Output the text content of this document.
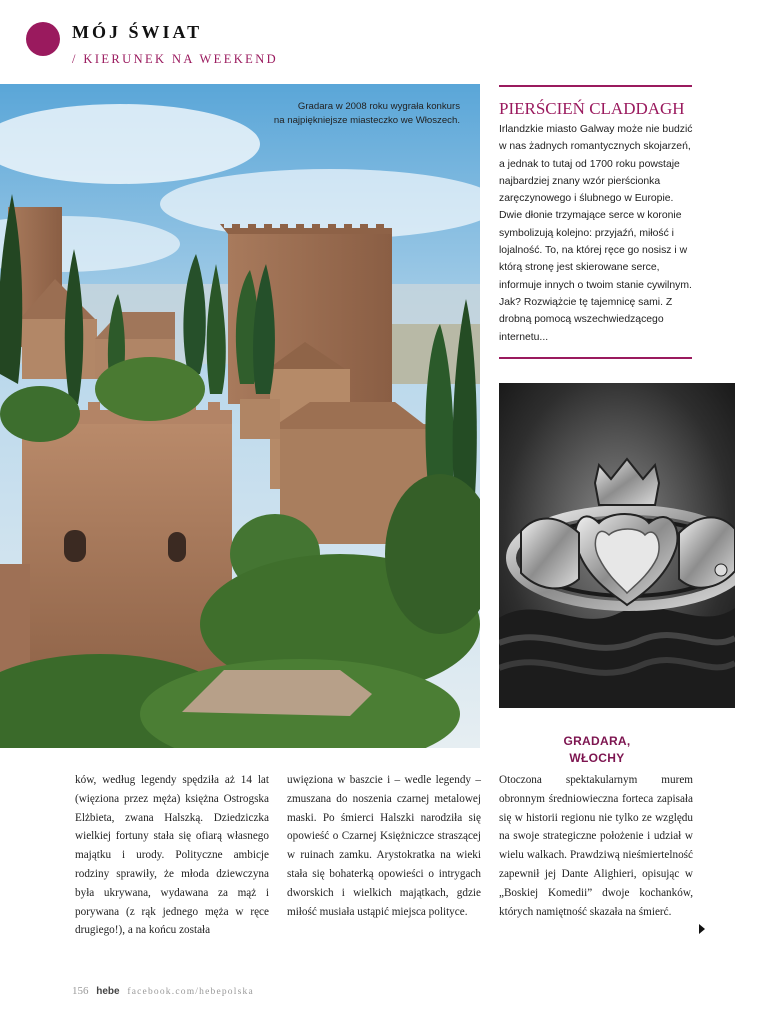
MÓJ ŚWIAT
/ KIERUNEK NA WEEKEND
Gradara w 2008 roku wygrała konkurs
na najpiękniejsze miasteczko we Włoszech.
PIERŚCIEŃ CLADDAGH

Irlandzkie miasto Galway może nie budzić w nas żadnych romantycznych skojarzeń, a jednak to tutaj od 1700 roku powstaje najbardziej znany wzór pierścionka zaręczynowego i ślubnego w Europie. Dwie dłonie trzymające serce w koronie symbolizują kolejno: przyjaźń, miłość i lojalność. To, na której ręce go nosisz i w którą stronę jest skierowane serce, informuje innych o twoim stanie cywilnym. Jak? Rozwiążcie tę tajemnicę sami. Z drobną pomocą wszechwiedzącego internetu...

GRADARA,
WŁOCHY

ków, według legendy spędziła aż 14 lat (więziona przez męża) księżna Ostrogska Elżbieta, zwana Halszką. Dziedziczka wielkiej fortuny stała się ofiarą własnego majątku i urody. Polityczne ambicje rodziny sprawiły, że młoda dziewczyna była ukrywana, wydawana za mąż i porywana (z rąk jednego męża w ręce drugiego!), a na końcu została

uwięziona w baszcie i – wedle legendy – zmuszana do noszenia czarnej metalowej maski. Po śmierci Halszki narodziła się opowieść o Czarnej Księżniczce straszącej w ruinach zamku. Arystokratka na wieki stała się bohaterką opowieści o intrygach dworskich i wielkich majątkach, gdzie miłość musiała ustąpić miejsca polityce.

Otoczona spektakularnym murem obronnym średniowieczna forteca zapisała się w historii regionu nie tylko ze względu na swoje strategiczne położenie i udział w wielu walkach. Prawdziwą nieśmiertelność zapewnił jej Dante Alighieri, opisując w „Boskiej Komedii” dwoje kochanków, których namiętność skazała na śmierć.

156 hebe facebook.com/hebepolska
